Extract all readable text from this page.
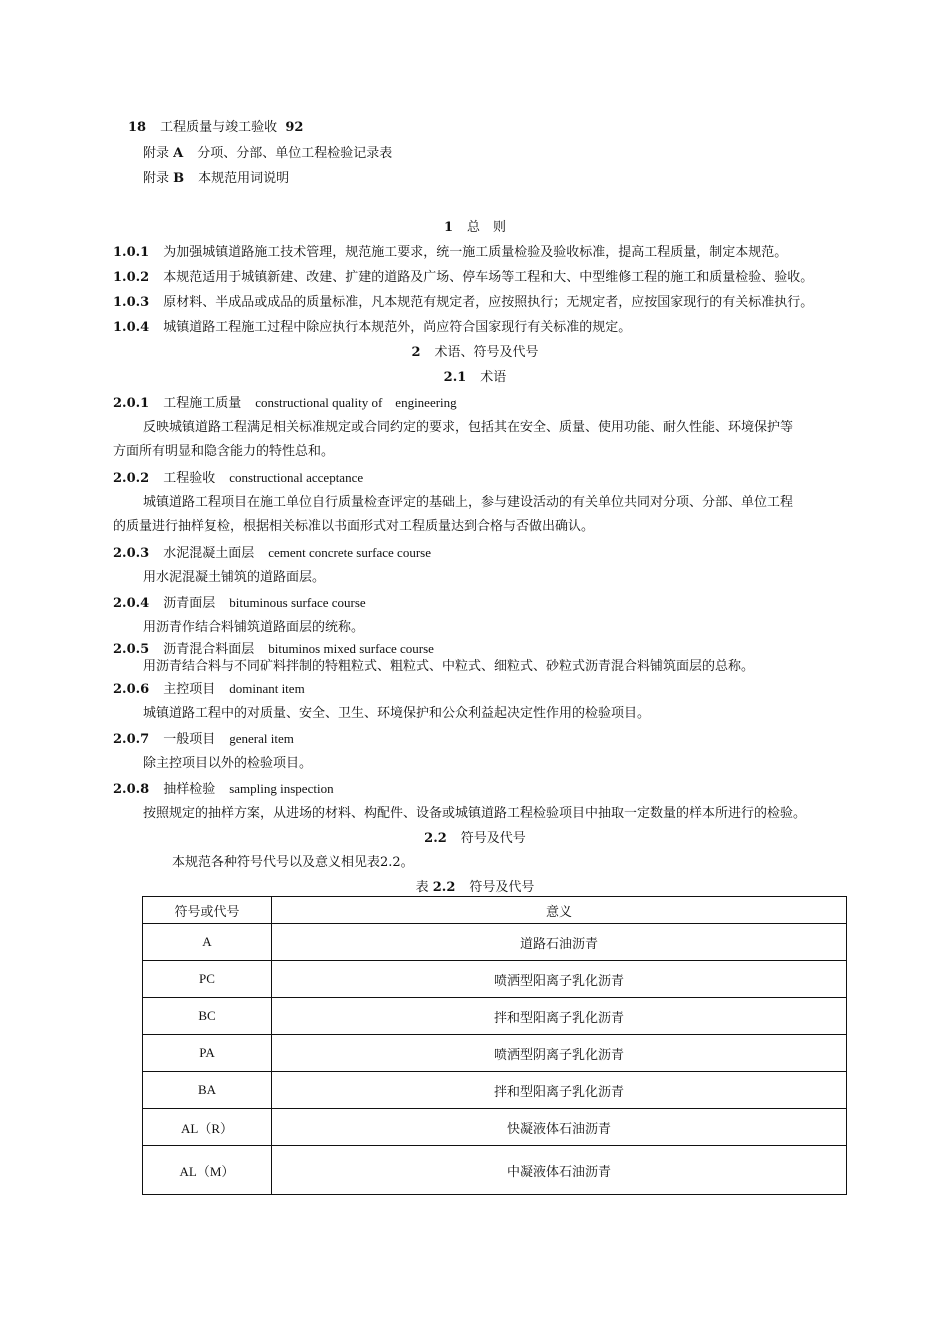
18 工程质量与竣工验收 92
附录 A 分项、分部、单位工程检验记录表
附录 B 本规范用词说明
1 总　则
1.0.1 为加强城镇道路施工技术管理，规范施工要求，统一施工质量检验及验收标准，提高工程质量，制定本规范。
1.0.2 本规范适用于城镇新建、改建、扩建的道路及广场、停车场等工程和大、中型维修工程的施工和质量检验、验收。
1.0.3 原材料、半成品或成品的质量标准，凡本规范有规定者，应按照执行；无规定者，应按国家现行的有关标准执行。
1.0.4 城镇道路工程施工过程中除应执行本规范外，尚应符合国家现行有关标准的规定。
2 术语、符号及代号
2.1 术语
2.0.1 工程施工质量 constructional quality of　engineering
反映城镇道路工程满足相关标准规定或合同约定的要求，包括其在安全、质量、使用功能、耐久性能、环境保护等
方面所有明显和隐含能力的特性总和。
2.0.2 工程验收 constructional acceptance
城镇道路工程项目在施工单位自行质量检查评定的基础上，参与建设活动的有关单位共同对分项、分部、单位工程
的质量进行抽样复检，根据相关标准以书面形式对工程质量达到合格与否做出确认。
2.0.3 水泥混凝土面层 cement concrete surface course
用水泥混凝土铺筑的道路面层。
2.0.4 沥青面层 bituminous surface course
用沥青作结合料铺筑道路面层的统称。
2.0.5 沥青混合料面层 bituminos mixed surface course
用沥青结合料与不同矿料拌制的特粗粒式、粗粒式、中粒式、细粒式、砂粒式沥青混合料铺筑面层的总称。
2.0.6 主控项目 dominant item
城镇道路工程中的对质量、安全、卫生、环境保护和公众利益起决定性作用的检验项目。
2.0.7 一般项目 general item
除主控项目以外的检验项目。
2.0.8 抽样检验 sampling inspection
按照规定的抽样方案，从进场的材料、构配件、设备或城镇道路工程检验项目中抽取一定数量的样本所进行的检验。
2.2 符号及代号
本规范各种符号代号以及意义相见表2.2。
表 2.2 符号及代号
符号或代号	意义
A	道路石油沥青
PC	喷洒型阳离子乳化沥青
BC	拌和型阳离子乳化沥青
PA	喷洒型阴离子乳化沥青
BA	拌和型阳离子乳化沥青
AL（R）	快凝液体石油沥青
AL（M）	中凝液体石油沥青
